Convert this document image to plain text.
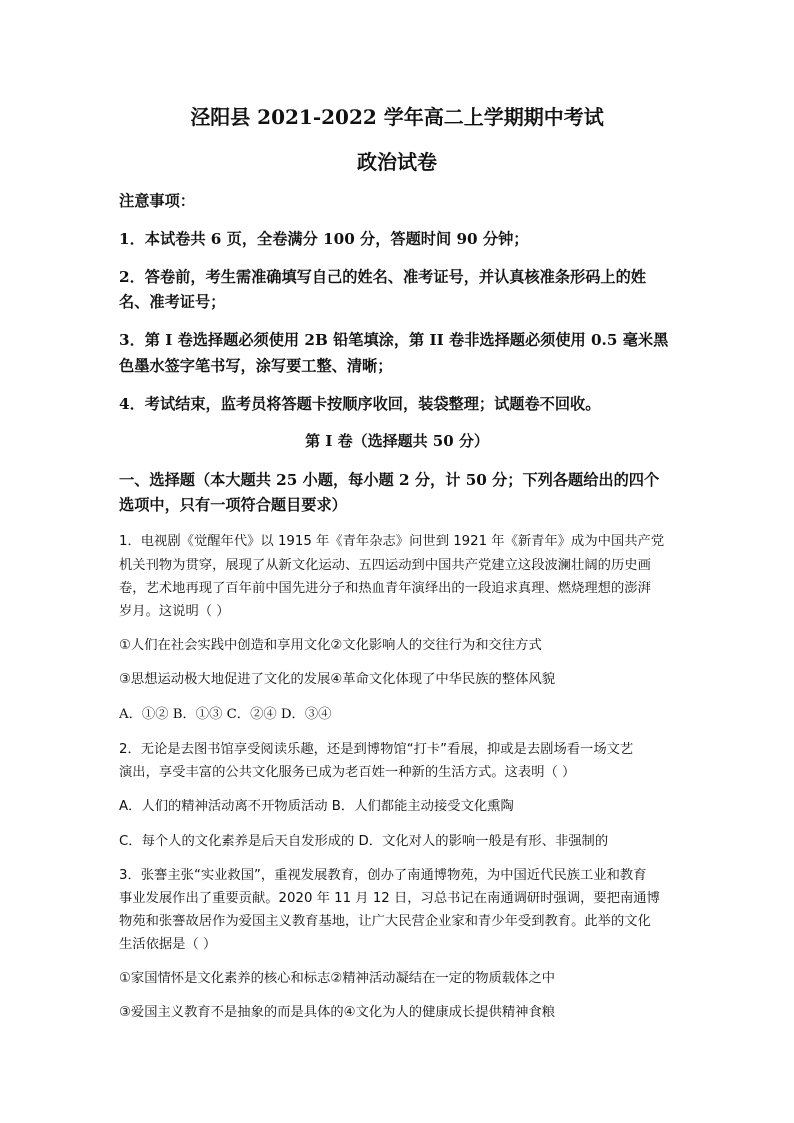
泾阳县 2021-2022 学年高二上学期期中考试
政治试卷
注意事项：
1．本试卷共 6 页，全卷满分 100 分，答题时间 90 分钟；
2．答卷前，考生需准确填写自己的姓名、准考证号，并认真核准条形码上的姓
名、准考证号；
3．第 I 卷选择题必须使用 2B 铅笔填涂，第 II 卷非选择题必须使用 0.5 毫米黑
色墨水签字笔书写，涂写要工整、清晰；
4．考试结束，监考员将答题卡按顺序收回，装袋整理；试题卷不回收。
第 I 卷（选择题共 50 分）
一、选择题（本大题共 25 小题，每小题 2 分，计 50 分；下列各题给出的四个
选项中，只有一项符合题目要求）
1．电视剧《觉醒年代》以 1915 年《青年杂志》问世到 1921 年《新青年》成为中国共产党
机关刊物为贯穿，展现了从新文化运动、五四运动到中国共产党建立这段波澜壮阔的历史画
卷，艺术地再现了百年前中国先进分子和热血青年演绎出的一段追求真理、燃烧理想的澎湃
岁月。这说明（ ）
①人们在社会实践中创造和享用文化②文化影响人的交往行为和交往方式
③思想运动极大地促进了文化的发展④革命文化体现了中华民族的整体风貌
A．①② B．①③ C．②④ D．③④
2．无论是去图书馆享受阅读乐趣，还是到博物馆“打卡”看展，抑或是去剧场看一场文艺
演出，享受丰富的公共文化服务已成为老百姓一种新的生活方式。这表明（ ）
A．人们的精神活动离不开物质活动 B．人们都能主动接受文化熏陶
C．每个人的文化素养是后天自发形成的 D．文化对人的影响一般是有形、非强制的
3．张謇主张“实业救国”，重视发展教育，创办了南通博物苑，为中国近代民族工业和教育
事业发展作出了重要贡献。2020 年 11 月 12 日，习总书记在南通调研时强调，要把南通博
物苑和张謇故居作为爱国主义教育基地，让广大民营企业家和青少年受到教育。此举的文化
生活依据是（ ）
①家国情怀是文化素养的核心和标志②精神活动凝结在一定的物质载体之中
③爱国主义教育不是抽象的而是具体的④文化为人的健康成长提供精神食粮
